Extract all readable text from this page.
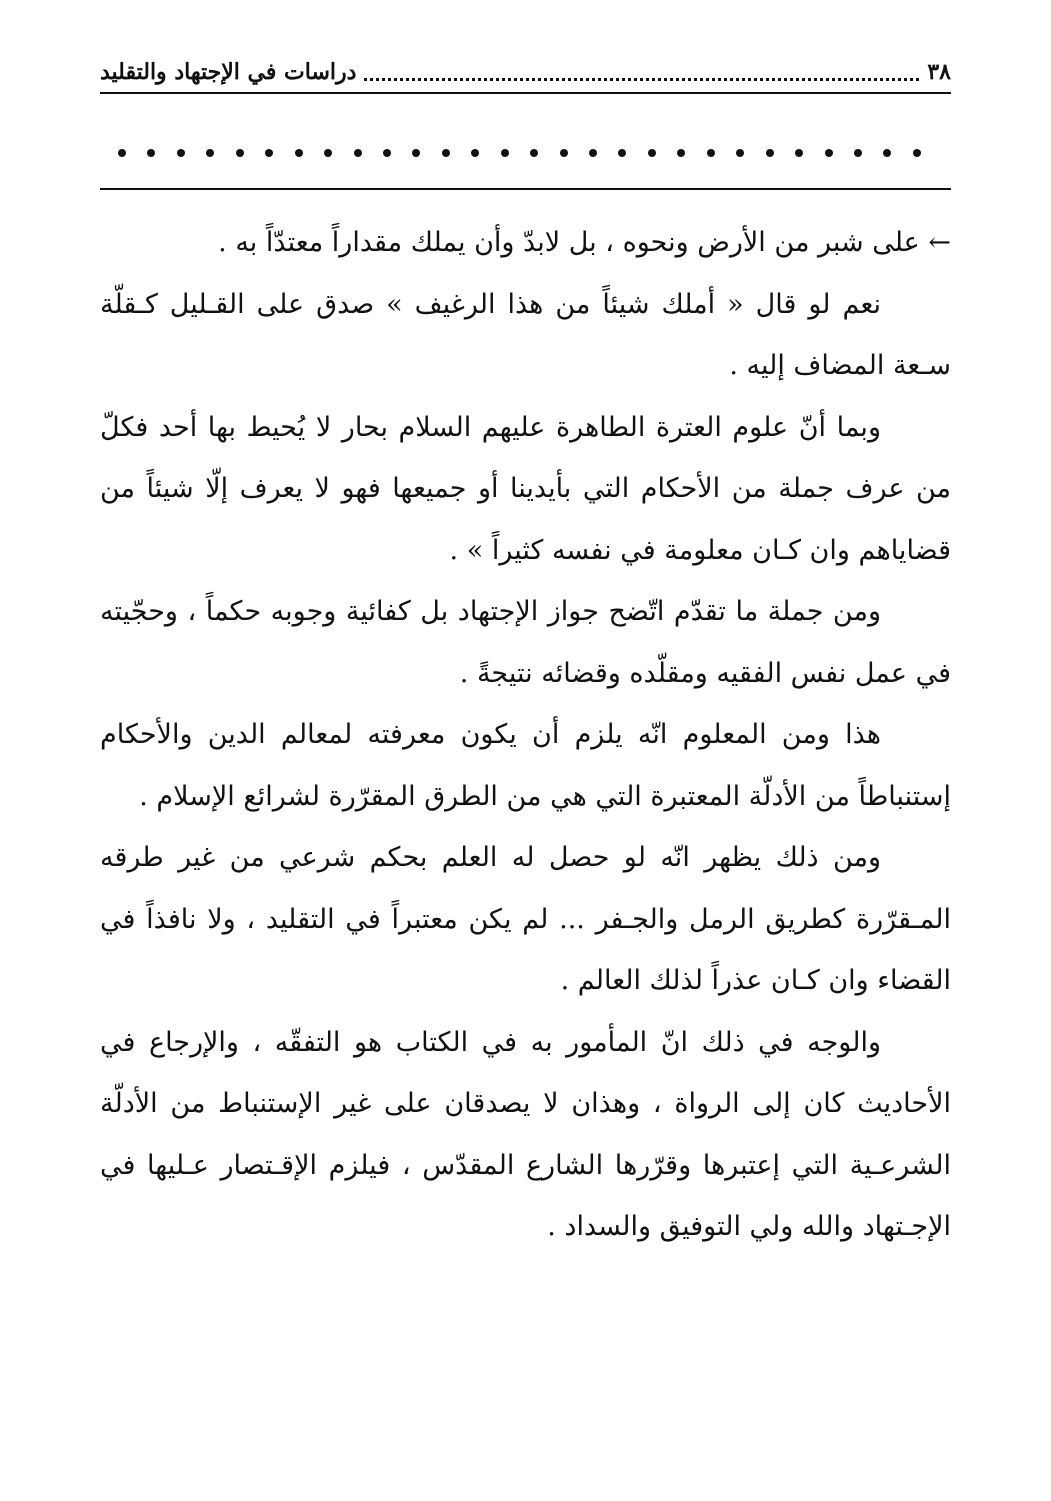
٣٨
دراسات في الإجتهاد والتقليد

← على شبر من الأرض ونحوه ، بل لابدّ وأن يملك مقداراً معتدّاً به .

نعم لو قال « أملك شيئاً من هذا الرغيف » صدق على القـليل كـقلّة سـعة المضاف إليه .

وبما أنّ علوم العترة الطاهرة عليهم السلام بحار لا يُحيط بها أحد فكلّ من عرف جملة من الأحكام التي بأيدينا أو جميعها فهو لا يعرف إلّا شيئاً من قضاياهم وان كـان معلومة في نفسه كثيراً » .

ومن جملة ما تقدّم اتّضح جواز الإجتهاد بل كفائية وجوبه حكماً ، وحجّيته في عمل نفس الفقيه ومقلّده وقضائه نتيجةً .

هذا ومن المعلوم انّه يلزم أن يكون معرفته لمعالم الدين والأحكام إستنباطاً من الأدلّة المعتبرة التي هي من الطرق المقرّرة لشرائع الإسلام .

ومن ذلك يظهر انّه لو حصل له العلم بحكم شرعي من غير طرقه المـقرّرة كطريق الرمل والجـفر ... لم يكن معتبراً في التقليد ، ولا نافذاً في القضاء وان كـان عذراً لذلك العالم .

والوجه في ذلك انّ المأمور به في الكتاب هو التفقّه ، والإرجاع في الأحاديث كان إلى الرواة ، وهذان لا يصدقان على غير الإستنباط من الأدلّة الشرعـية التي إعتبرها وقرّرها الشارع المقدّس ، فيلزم الإقـتصار عـليها في الإجـتهاد والله ولي التوفيق والسداد .
